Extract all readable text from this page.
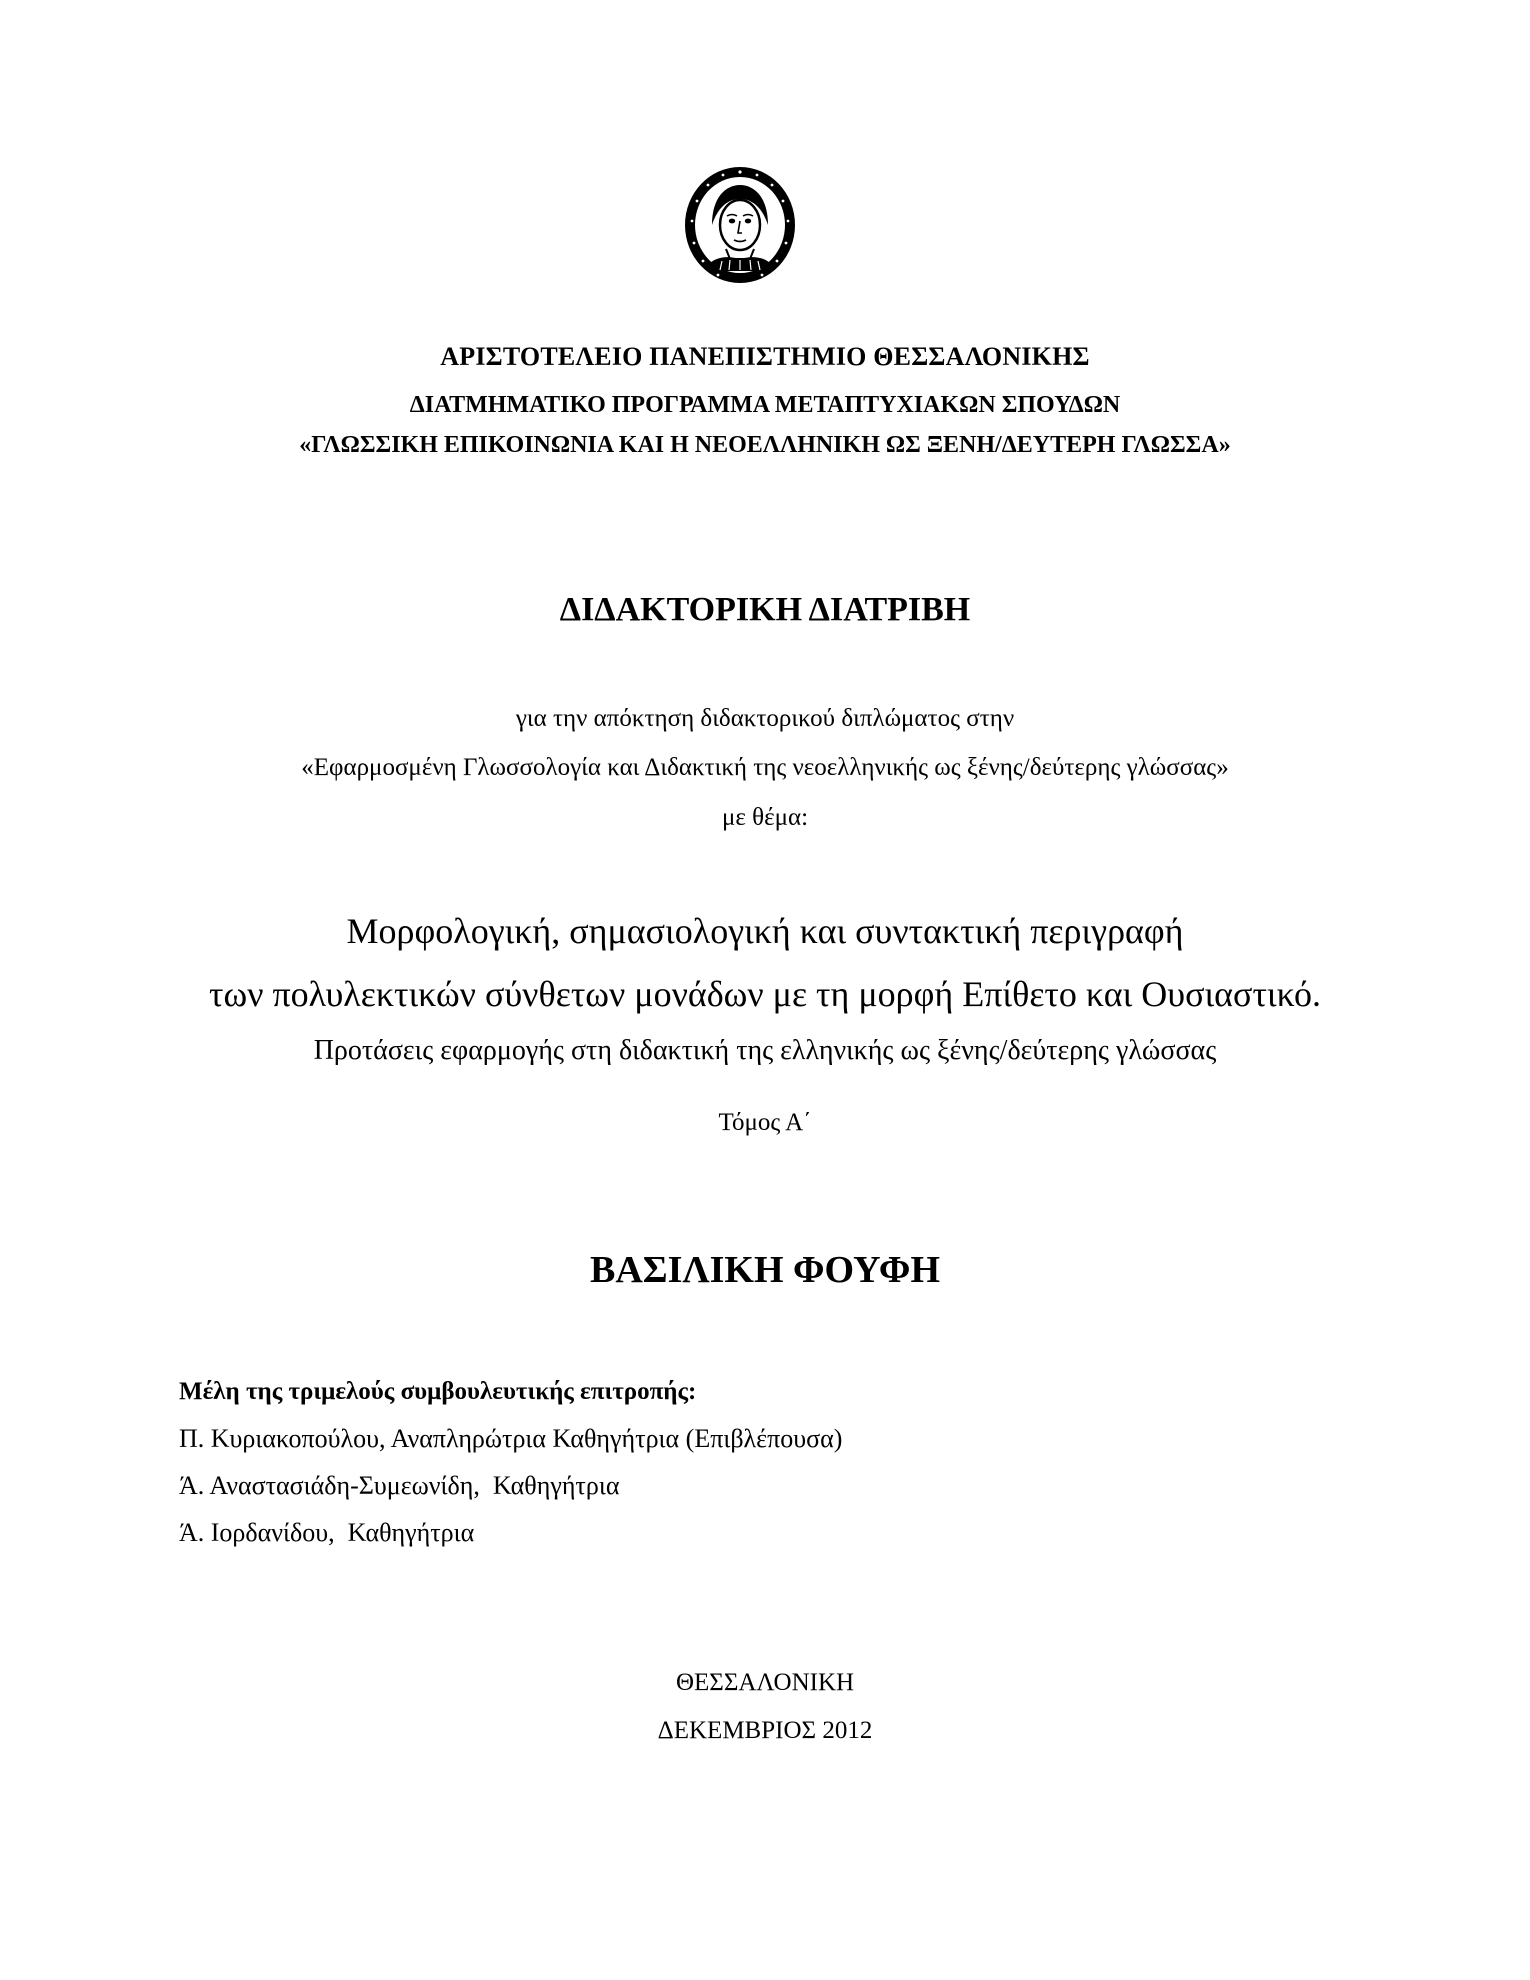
ΑΡΙΣΤΟΤΕΛΕΙΟ ΠΑΝΕΠΙΣΤΗΜΙΟ ΘΕΣΣΑΛΟΝΙΚΗΣ
ΔΙΑΤΜΗΜΑΤΙΚΟ ΠΡΟΓΡΑΜΜΑ ΜΕΤΑΠΤΥΧΙΑΚΩΝ ΣΠΟΥΔΩΝ
«ΓΛΩΣΣΙΚΗ ΕΠΙΚΟΙΝΩΝΙΑ ΚΑΙ Η ΝΕΟΕΛΛΗΝΙΚΗ ΩΣ ΞΕΝΗ/ΔΕΥΤΕΡΗ ΓΛΩΣΣΑ»
ΔΙΔΑΚΤΟΡΙΚΗ ΔΙΑΤΡΙΒΗ
για την απόκτηση διδακτορικού διπλώματος στην
«Εφαρμοσμένη Γλωσσολογία και Διδακτική της νεοελληνικής ως ξένης/δεύτερης γλώσσας»
με θέμα:
Μορφολογική, σημασιολογική και συντακτική περιγραφή
των πολυλεκτικών σύνθετων μονάδων με τη μορφή Επίθετο και Ουσιαστικό.
Προτάσεις εφαρμογής στη διδακτική της ελληνικής ως ξένης/δεύτερης γλώσσας
Τόμος Α΄
ΒΑΣΙΛΙΚΗ ΦΟΥΦΗ
Μέλη της τριμελούς συμβουλευτικής επιτροπής:
Π. Κυριακοπούλου, Αναπληρώτρια Καθηγήτρια (Επιβλέπουσα)
Ά. Αναστασιάδη-Συμεωνίδη,  Καθηγήτρια
Ά. Ιορδανίδου,  Καθηγήτρια
ΘΕΣΣΑΛΟΝΙΚΗ
ΔΕΚΕΜΒΡΙΟΣ 2012
